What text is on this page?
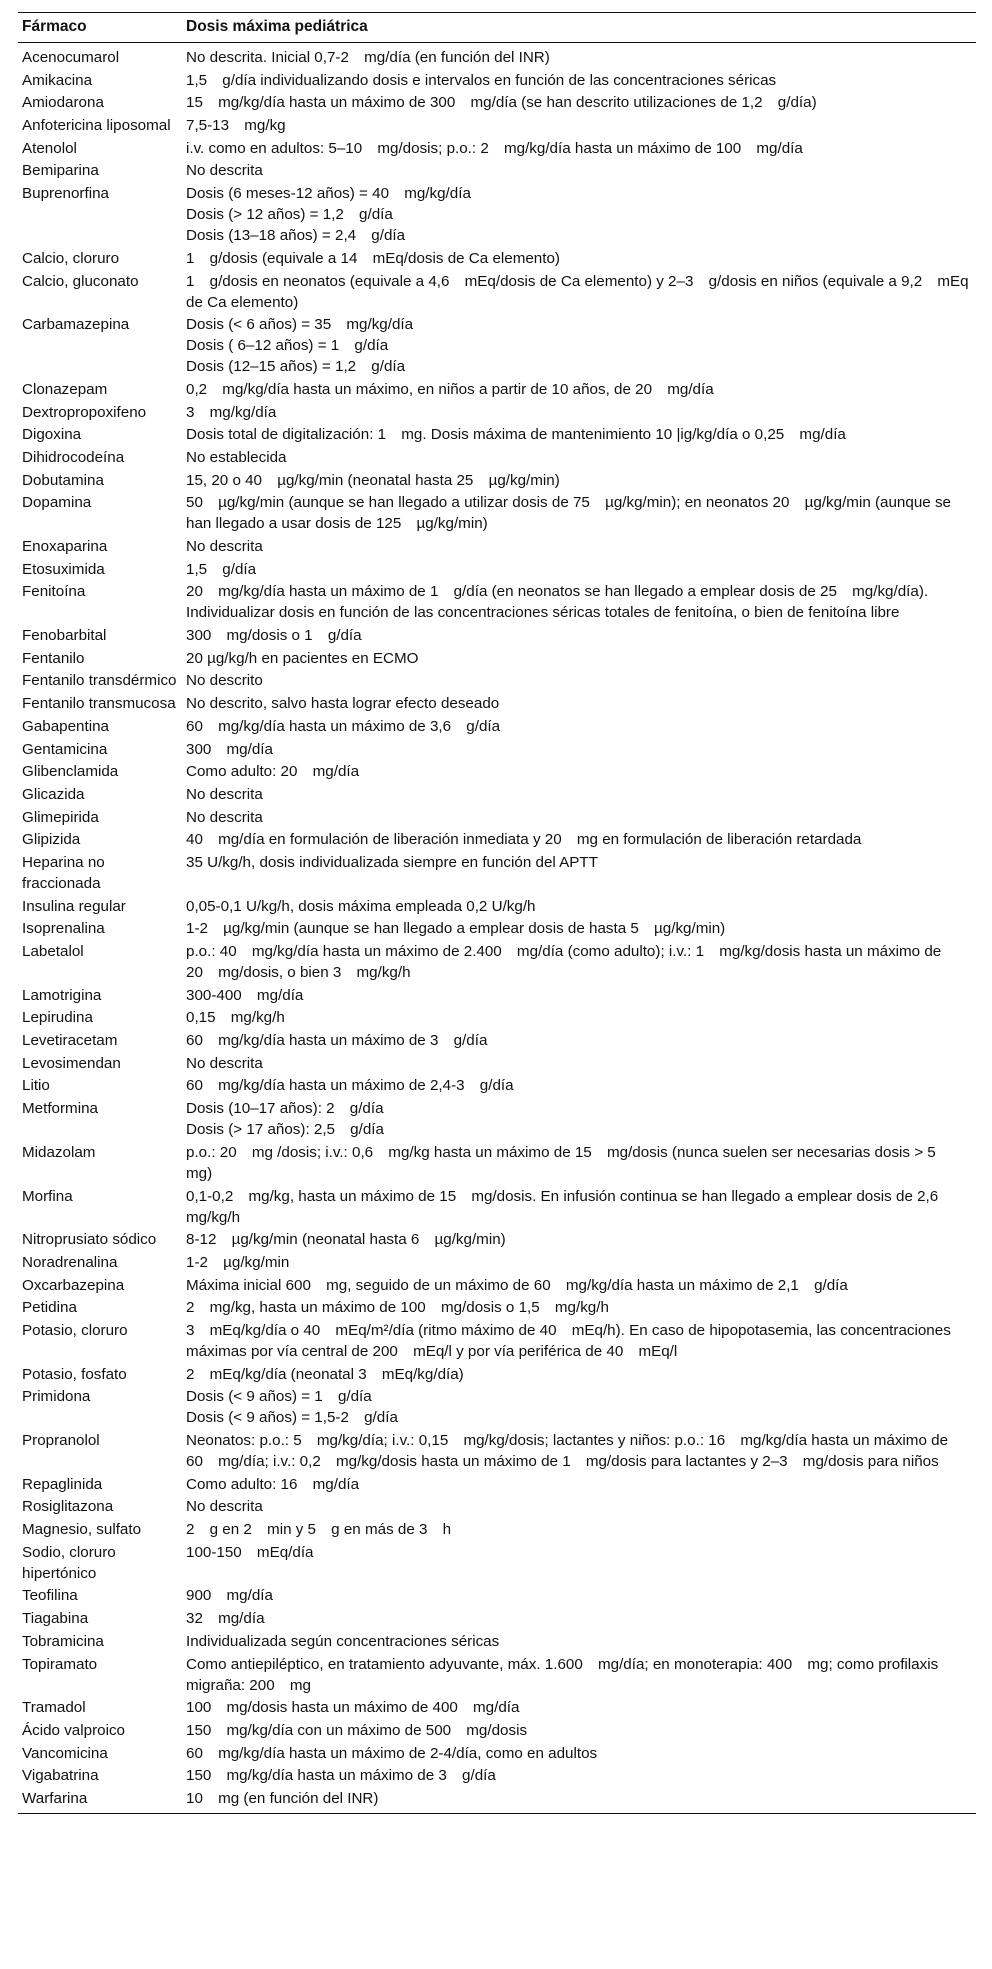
Fármaco	Dosis máxima pediátrica
Acenocumarol	No descrita. Inicial 0,7-2 mg/día (en función del INR)
Amikacina	1,5 g/día individualizando dosis e intervalos en función de las concentraciones séricas
Amiodarona	15 mg/kg/día hasta un máximo de 300 mg/día (se han descrito utilizaciones de 1,2 g/día)
Anfotericina liposomal	7,5-13 mg/kg
Atenolol	i.v. como en adultos: 5–10 mg/dosis; p.o.: 2 mg/kg/día hasta un máximo de 100 mg/día
Bemiparina	No descrita
Buprenorfina	Dosis (6 meses-12 años) = 40 mg/kg/día
Dosis (> 12 años) = 1,2 g/día
Dosis (13–18 años) = 2,4 g/día
Calcio, cloruro	1 g/dosis (equivale a 14 mEq/dosis de Ca elemento)
Calcio, gluconato	1 g/dosis en neonatos (equivale a 4,6 mEq/dosis de Ca elemento) y 2–3 g/dosis en niños (equivale a 9,2 mEq de Ca elemento)
Carbamazepina	Dosis (< 6 años) = 35 mg/kg/día
Dosis ( 6–12 años) = 1 g/día
Dosis (12–15 años) = 1,2 g/día
Clonazepam	0,2 mg/kg/día hasta un máximo, en niños a partir de 10 años, de 20 mg/día
Dextropropoxifeno	3 mg/kg/día
Digoxina	Dosis total de digitalización: 1 mg. Dosis máxima de mantenimiento 10 |ig/kg/día o 0,25 mg/día
Dihidrocodeína	No establecida
Dobutamina	15, 20 o 40 µg/kg/min (neonatal hasta 25 µg/kg/min)
Dopamina	50 µg/kg/min (aunque se han llegado a utilizar dosis de 75 µg/kg/min); en neonatos 20 µg/kg/min (aunque se han llegado a usar dosis de 125 µg/kg/min)
Enoxaparina	No descrita
Etosuximida	1,5 g/día
Fenitoína	20 mg/kg/día hasta un máximo de 1 g/día (en neonatos se han llegado a emplear dosis de 25 mg/kg/día). Individualizar dosis en función de las concentraciones séricas totales de fenitoína, o bien de fenitoína libre
Fenobarbital	300 mg/dosis o 1 g/día
Fentanilo	20 µg/kg/h en pacientes en ECMO
Fentanilo transdérmico	No descrito
Fentanilo transmucosa	No descrito, salvo hasta lograr efecto deseado
Gabapentina	60 mg/kg/día hasta un máximo de 3,6 g/día
Gentamicina	300 mg/día
Glibenclamida	Como adulto: 20 mg/día
Glicazida	No descrita
Glimepirida	No descrita
Glipizida	40 mg/día en formulación de liberación inmediata y 20 mg en formulación de liberación retardada
Heparina no fraccionada	35 U/kg/h, dosis individualizada siempre en función del APTT
Insulina regular	0,05-0,1 U/kg/h, dosis máxima empleada 0,2 U/kg/h
Isoprenalina	1-2 µg/kg/min (aunque se han llegado a emplear dosis de hasta 5 µg/kg/min)
Labetalol	p.o.: 40 mg/kg/día hasta un máximo de 2.400 mg/día (como adulto); i.v.: 1 mg/kg/dosis hasta un máximo de 20 mg/dosis, o bien 3 mg/kg/h
Lamotrigina	300-400 mg/día
Lepirudina	0,15 mg/kg/h
Levetiracetam	60 mg/kg/día hasta un máximo de 3 g/día
Levosimendan	No descrita
Litio	60 mg/kg/día hasta un máximo de 2,4-3 g/día
Metformina	Dosis (10–17 años): 2 g/día
Dosis (> 17 años): 2,5 g/día
Midazolam	p.o.: 20 mg /dosis; i.v.: 0,6 mg/kg hasta un máximo de 15 mg/dosis (nunca suelen ser necesarias dosis > 5 mg)
Morfina	0,1-0,2 mg/kg, hasta un máximo de 15 mg/dosis. En infusión continua se han llegado a emplear dosis de 2,6 mg/kg/h
Nitroprusiato sódico	8-12 µg/kg/min (neonatal hasta 6 µg/kg/min)
Noradrenalina	1-2 µg/kg/min
Oxcarbazepina	Máxima inicial 600 mg, seguido de un máximo de 60 mg/kg/día hasta un máximo de 2,1 g/día
Petidina	2 mg/kg, hasta un máximo de 100 mg/dosis o 1,5 mg/kg/h
Potasio, cloruro	3 mEq/kg/día o 40 mEq/m²/día (ritmo máximo de 40 mEq/h). En caso de hipopotasemia, las concentraciones máximas por vía central de 200 mEq/l y por vía periférica de 40 mEq/l
Potasio, fosfato	2 mEq/kg/día (neonatal 3 mEq/kg/día)
Primidona	Dosis (< 9 años) = 1 g/día
Dosis (< 9 años) = 1,5-2 g/día
Propranolol	Neonatos: p.o.: 5 mg/kg/día; i.v.: 0,15 mg/kg/dosis; lactantes y niños: p.o.: 16 mg/kg/día hasta un máximo de 60 mg/día; i.v.: 0,2 mg/kg/dosis hasta un máximo de 1 mg/dosis para lactantes y 2–3 mg/dosis para niños
Repaglinida	Como adulto: 16 mg/día
Rosiglitazona	No descrita
Magnesio, sulfato	2 g en 2 min y 5 g en más de 3 h
Sodio, cloruro hipertónico	100-150 mEq/día
Teofilina	900 mg/día
Tiagabina	32 mg/día
Tobramicina	Individualizada según concentraciones séricas
Topiramato	Como antiepiléptico, en tratamiento adyuvante, máx. 1.600 mg/día; en monoterapia: 400 mg; como profilaxis migraña: 200 mg
Tramadol	100 mg/dosis hasta un máximo de 400 mg/día
Ácido valproico	150 mg/kg/día con un máximo de 500 mg/dosis
Vancomicina	60 mg/kg/día hasta un máximo de 2-4/día, como en adultos
Vigabatrina	150 mg/kg/día hasta un máximo de 3 g/día
Warfarina	10 mg (en función del INR)
